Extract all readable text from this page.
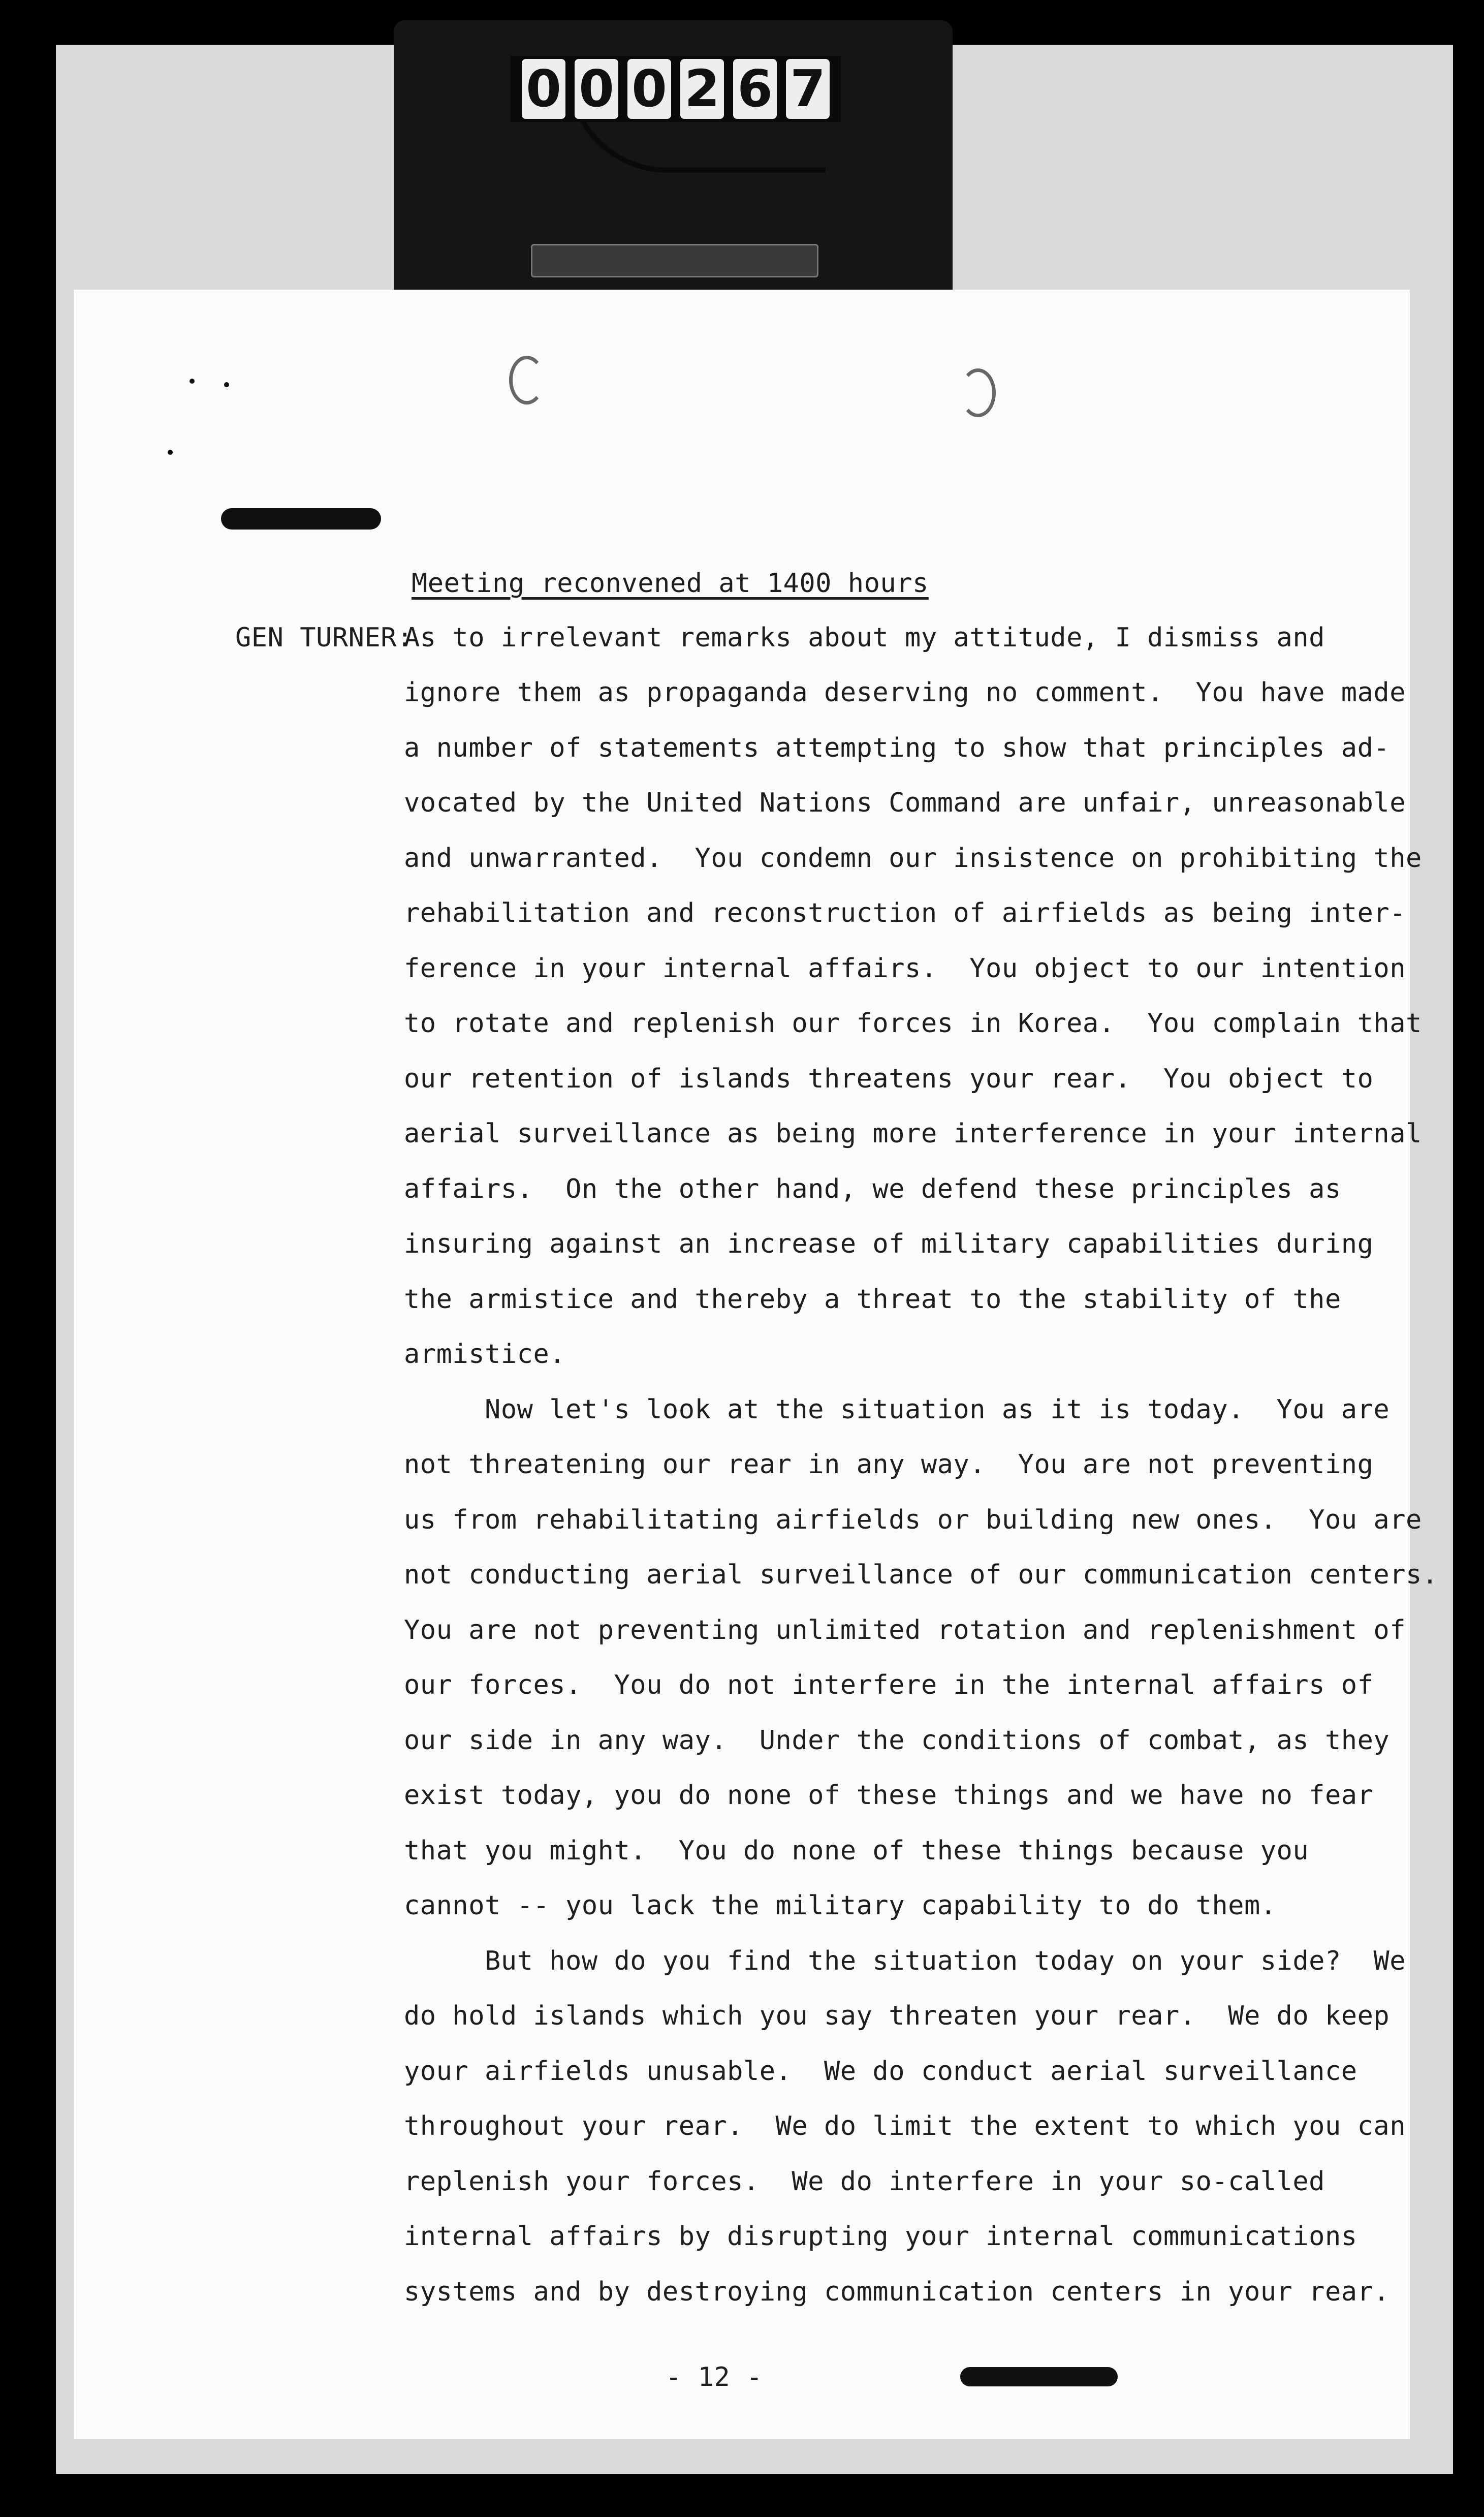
0 0 0 2 6 7
Meeting reconvened at 1400 hours
GEN TURNER:
As to irrelevant remarks about my attitude, I dismiss and
ignore them as propaganda deserving no comment.  You have made
a number of statements attempting to show that principles ad-
vocated by the United Nations Command are unfair, unreasonable
and unwarranted.  You condemn our insistence on prohibiting the
rehabilitation and reconstruction of airfields as being inter-
ference in your internal affairs.  You object to our intention
to rotate and replenish our forces in Korea.  You complain that
our retention of islands threatens your rear.  You object to
aerial surveillance as being more interference in your internal
affairs.  On the other hand, we defend these principles as
insuring against an increase of military capabilities during
the armistice and thereby a threat to the stability of the
armistice.
Now let's look at the situation as it is today.  You are
not threatening our rear in any way.  You are not preventing
us from rehabilitating airfields or building new ones.  You are
not conducting aerial surveillance of our communication centers.
You are not preventing unlimited rotation and replenishment of
our forces.  You do not interfere in the internal affairs of
our side in any way.  Under the conditions of combat, as they
exist today, you do none of these things and we have no fear
that you might.  You do none of these things because you
cannot -- you lack the military capability to do them.
But how do you find the situation today on your side?  We
do hold islands which you say threaten your rear.  We do keep
your airfields unusable.  We do conduct aerial surveillance
throughout your rear.  We do limit the extent to which you can
replenish your forces.  We do interfere in your so-called
internal affairs by disrupting your internal communications
systems and by destroying communication centers in your rear.
- 12 -
